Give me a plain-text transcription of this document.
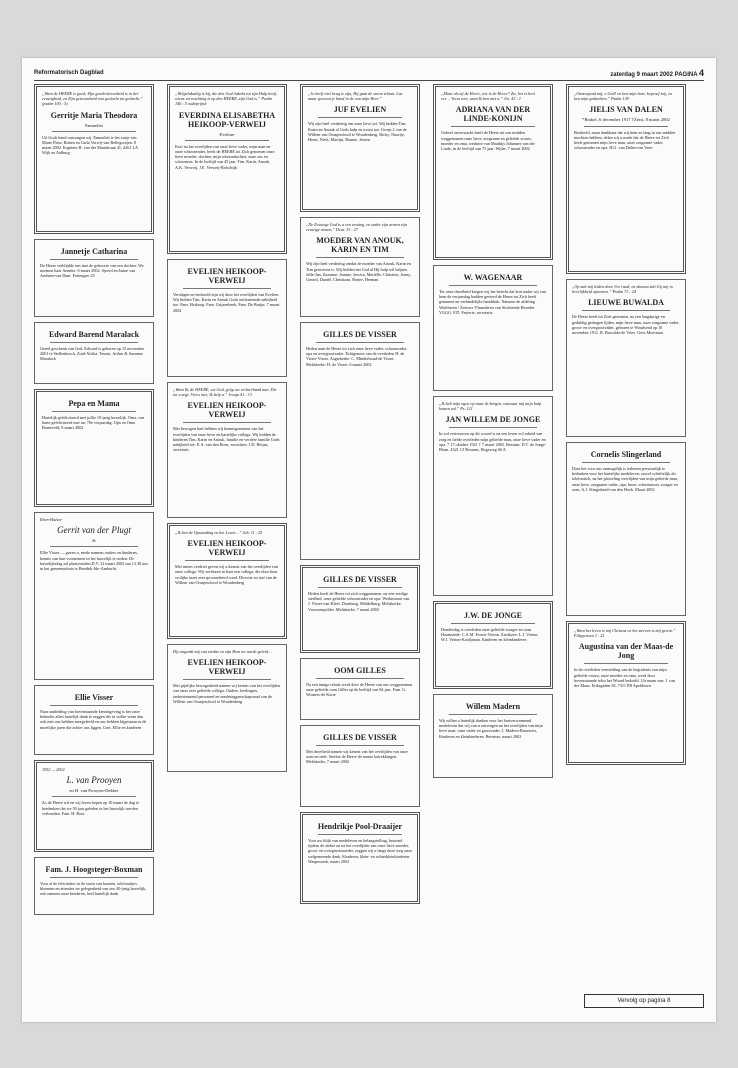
Reformatorisch Dagblad	zaterdag 9 maart 2002 PAGINA 4
„Want de HEERE is goed; Zijn goedertierenheid is in der eeuwigheid, en Zijn getrouwheid van geslacht tot geslacht.” (psalm 100 : 5)
Gerritje Maria Theodora
Emmeliet
Uit Gods hand ontvangen wij. Emmeliet is het zusje van Marie Fleur. Ruben en Carla Verwij-van Bellegooijen. 8 maart 2002. Kapitein H. van der Maadstraat 41, 4261 LA Wijk en Aalburg
Jannetje Catharina
De Heere verblijdde ons met de geboorte van een dochter. We noemen haar Anneke. 6 maart 2002. Sjoerd en Janne van Arnhem-van Dam. Fortengen 25
Edward Barend Maralack
Gered geschenk van God. Edward is geboren op 15 november 2001 te Stellenbosch, Zuid-Afrika. Teunis, Arthur & Suzanne Maralack
Pepa en Mama
Hartelijk gefeliciteerd met jullie 10-jarig huwelijk. Oma, van harte gefeliciteerd met uw 70e verjaardag. Opa en Oma Barneveld, 9 maart 2002
Eben-Haëzer
Gerrit van der Plugt
&
Ellie Visser — gaven u, mede namens ouders en kinderen, kennis van hun voornemen in het huwelijk te treden. De huwelijksdag zal plaatsvinden D.V. 22 maart 2002 om 13.30 uur in het gemeentehuis te Hendrik-Ido-Ambacht.
Ellie Visser
Naar aanleiding van bovenstaande kennisgeving is het onze behoefte allen hartelijk dank te zeggen die in welke vorm dan ook met ons hebben meegeleefd en ons hebben bijgestaan in de moeilijke jaren die achter ons liggen. Gert, Ellie en kinderen
1952 — 2002
L. van Prooyen
en H. van Prooyen-Dekker
Zo de Heere wil en wij leven hopen op 10 maart de dag te herdenken dat we 50 jaar geleden in het huwelijk werden verbonden. Fam. H. Boot
Fam. J. Hoogsteger-Boxman
Voor al de felicitaties in de vorm van kaarten, telefoontjes, bloemen en attenties ter gelegenheid van ons 40-jarig huwelijk, ook namens onze kinderen, heel hartelijk dank.
„Welgelukzalig is hij, die den God Jakobs tot zijn Hulp heeft, wiens verwachting is op den HEERE, zijn God is.” Psalm 146 : 5 oudeprijnd
EVERDINA ELISABETHA HEIKOOP-VERWEIJ
-Eveline-
Kort na het overlijden van onze lieve vader, mijn man en onze schoonvader, heeft de HEERE tot Zich genomen onze lieve moeder, dochter, mijn schoondochter, onze zus en schoonzus. In de leeftijd van 45 jaar. Tim, Karin, Anouk, A.K. Verweij, J.E. Verweij-Bolschijk
EVELIEN HEIKOOP-VERWEIJ
Verslagen en bedroefd zijn wij door het overlijden van Evelien. Wij bidden Tim, Karin en Anouk Gods ontfermende nabijheid toe. Fam. Heikoop, Fam. Grijzenbeek, Fam. De Bruijn. 7 maart 2002
„Want Ik, de HEERE, uw God, grijp uw rechterhand aan, Die tot u zegt: Vrees niet, Ik help u.” Jesaja 41 : 13
EVELIEN HEIKOOP-VERWEIJ
Met bewogen hart hebben wij kennisgenomen van het overlijden van onze lieve en hartelijke collega. Wij bidden de kinderen Tim, Karin en Anouk, familie en verdere familie Gods nabijheid toe. E.A. van den Born, voorzitter; J.D. Heijns, secretaris
„Ik ben de Opstanding en het Leven…” Joh. 11 : 25
EVELIEN HEIKOOP-VERWEIJ
Met intens verdriet geven wij u kennis van het overlijden van onze collega. Wij verliezen in haar een collega, die door haar vrolijke inzet zeer gewaardeerd werd. Directie en staf van de Willem van Oranjeschool te Woudenberg
Hij omgordt mij van sterkte en zijn Hem ter aarde geleid…
EVELIEN HEIKOOP-VERWEIJ
Met pijnlijke bewogenheid namen wij kennis van het overlijden van onze zeer geliefde collega. Ouders, leerlingen, ondersteunend personeel en medezeggenschapsraad van de Willem van Oranjeschool te Woudenberg
„Jo heeft niet heug te zijn, Hij gaat de storm tebaat. Laz maar gewoon je hand in de van mijn Heer.”
JUF EVELIEN
Wij zijn heel verdrietig om onze lieve juf. Wij bidden Tim, Karin en Anouk al Gods hulp en troost toe. Groep 2 van de Willem van Oranjeschool te Woudenberg. Ricky, Nuortje, Henri, Niels, Martijn, Rianne, Jeroen
„De Eeuwige God is u een woning, en onder zijn armen zijn eeuwige armen.” Deut. 33 : 27
MOEDER VAN ANOUK, KARIN EN TIM
Wij zijn heel verdrietig omdat de moeder van Anouk, Karin en Tim gestorven is. Wij bidden het God al Hij hulp wil helpen. Jelle-Jan, Zuzanne, Joanne, Jessica, Mariëlle, Christine, Jenny, Gerard, Daniël, Christiaan, Renee, Herman
GILLES DE VISSER
Heden nam de Heere tot zich onze lieve vader, schoonvader, opa en overgrootvader. Echtgenoot van de overleden H. de Visser-Visser. Aagtekerke: C. Minderhoud-de Visser. Meliskerke: H. de Visser. 6 maart 2002
GILLES DE VISSER
Heden heeft de Heere tot zich weggenomen, na een vredige sterfbed, onze geliefde schoonvader en opa. Weduwnaar van J. Visser-van Kleef. Domburg, Middelburg, Meliskerke, Vrouwenpolder. Meliskerke, 7 maart 2002
OOM GILLES
Na een innige relatie werd door de Heere van ons weggenomen onze geliefde oom Gilles op de leeftijd van 84 jaar. Fam. G. Wouters-de Korte
GILLES DE VISSER
Met droefheid namen wij kennis van het overlijden van onze oom en neef. Sterkte de Heere de naaste betrekkingen. Meliskerke, 7 maart 2002
Hendrikje Pool-Draaijer
Voor uw blijk van medeleven en belangstelling, betoond tijdens de ziekte en na het overlijden van onze lieve moeder, groot- en overgrootmoeder, zeggen wij u langs deze weg onze welgemeende dank. Kinderen, klein- en achterkleinkinderen. Waspesroek, maart 2002
„Maar als zij de Heere, wie is de Heere? Zie, het is heel ver… Vrees niet, want Ik ben met u.” Jes. 43 : 1
ADRIANA VAN DER LINDE-KONIJN
Geheel onverwacht heeft de Heere uit ons midden weggenomen onze lieve, zorgzame en geliefde vrouw, moeder en oma, weduwe van Matthijs Johannes van der Linde, in de leeftijd van 75 jaar. Wijhe, 7 maart 2002
W. WAGENAAR
Tot onze droefheid kregen wij het bericht dat kort nadat wij van hem de verjaardag hadden gevierd de Heere tot Zich heeft genomen en verbindelijke handdruk. Namens de afdeling Walcheren / Zeeuws-Vlaanderen van Stichtende Hoorder VGGG. F.D. Fasterie, secretaris
„Ik heb mijn ogen op naar de bergen, vanwaar mij mijn hulp komen zal.” Ps. 121
JAN WILLEM DE JONGE
In vol vertrouwen op dit woord is na een leven vol arbeid van zorg en liefde overleden mijn geliefde man, onze lieve vader en opa. * 17 oktober 1921 † 7 maart 2002. Bessum: D.T. de Jonge-Blom. 4321 CJ Bessum, Hogeweg 66 A
J.W. DE JONGE
Donderdag is overleden onze geliefde zwager en oom. Haamstede: C.A.M. Everts-Verton. Zierikzee: L.J. Verton, W.J. Verton-Koolijman. Kinderen en kleinkinderen
Willem Madern
Wij willen u hartelijk danken voor het hartverwarmend medeleven dat wij van u ontvingen na het overlijden van mijn lieve man, onze vader en grootvader. J. Madern-Brouwers, Kinderen en kleinkinderen. Bernisse, maart 2002
„Onnoopend mij, o God! en ken mijn hart; beproef mij, en ken mijn gedachten.” Psalm 139
JIELIS VAN DALEN
*Brakel, 6 december 1917 †Zeist, 8 maart 2002
Bedroefd, maar dankbaar dat wij hem zo lang in ons midden mochten hebben, delen wij u mede dat de Heere tot Zich heeft genomen mijn lieve man, onze zorgzame vader, schoonvader en opa. H.G. van Dalen-van Veen
„Op zult mij leiden door Uw raad; en daarna zult Gij mij in heerlijkheid opnemen.” Psalm 73 : 24
LIEUWE BUWALDA
De Heere heeft tot Zich genomen, na een langdurige en geduldig gedragen lijden, mijn lieve man, onze zorgzame vader, groot- en overgrootvader, geboren te Woudsend op 10 november 1911. R. Buwalda-de Vries. Gees Moerman
Cornelis Slingerland
Daar het voor ons onmogelijk is iedereen persoonlijk te bedanken voor het hartelijke medeleven, zowel schriftelijk als telefonisch, na het plotseling overlijden van mijn geliefde man, onze lieve, zorgzame vader, opa, broer, schoonzoon, zwager en oom. A.J. Slingerland-van den Hoek. Maart 2002
„Want het leven is mij Christus en het sterven is mij gewin.” Filippensen 1 : 21
Augustina van der Maas-de Jong
In de overleden vermelding van de begrafenis van mijn geliefde vrouw, onze moeder en oma, werd door bovenstaande tekst het Woord bedoeld. Uit naam van: J. van der Maas. Eriksgaden 82, 7311 PR Apeldoorn
Vervolg op pagina 8
